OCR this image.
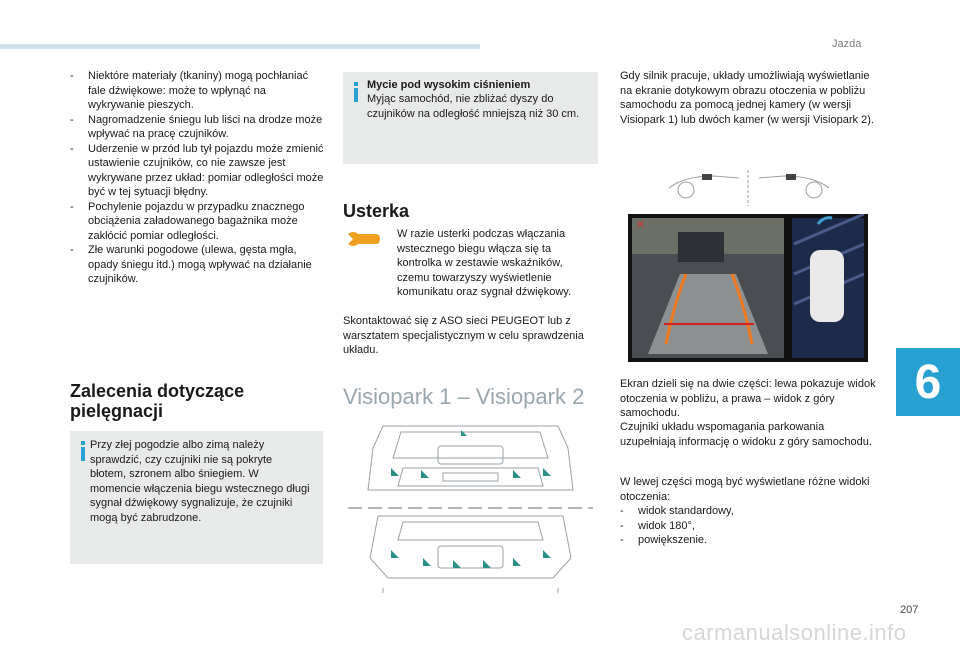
Jazda
6
207
carmanualsonline.info
- Niektóre materiały (tkaniny) mogą pochłaniać fale dźwiękowe: może to wpłynąć na wykrywanie pieszych.
- Nagromadzenie śniegu lub liści na drodze może wpływać na pracę czujników.
- Uderzenie w przód lub tył pojazdu może zmienić ustawienie czujników, co nie zawsze jest wykrywane przez układ: pomiar odległości może być w tej sytuacji błędny.
- Pochylenie pojazdu w przypadku znacznego obciążenia załadowanego bagażnika może zakłócić pomiar odległości.
- Złe warunki pogodowe (ulewa, gęsta mgła, opady śniegu itd.) mogą wpływać na działanie czujników.
Zalecenia dotyczące
pielęgnacji

Przy złej pogodzie albo zimą należy sprawdzić, czy czujniki nie są pokryte błotem, szronem albo śniegiem. W momencie włączenia biegu wstecznego długi sygnał dźwiękowy sygnalizuje, że czujniki mogą być zabrudzone.

Mycie pod wysokim ciśnieniem

Myjąc samochód, nie zbliżać dyszy do czujników na odległość mniejszą niż 30 cm.

Usterka

W razie usterki podczas włączania wstecznego biegu włącza się ta kontrolka w zestawie wskaźników, czemu towarzyszy wyświetlenie komunikatu oraz sygnał dźwiękowy.

Skontaktować się z ASO sieci PEUGEOT lub z warsztatem specjalistycznym w celu sprawdzenia układu.

Visiopark 1 – Visiopark 2

Gdy silnik pracuje, układy umożliwiają wyświetlanie na ekranie dotykowym obrazu otoczenia w pobliżu samochodu za pomocą jednej kamery (w wersji Visiopark 1) lub dwóch kamer (w wersji Visiopark 2).

✕

Ekran dzieli się na dwie części: lewa pokazuje widok otoczenia w pobliżu, a prawa – widok z góry samochodu.

Czujniki układu wspomagania parkowania uzupełniają informację o widoku z góry samochodu.

W lewej części mogą być wyświetlane różne widoki otoczenia:

- widok standardowy,
- widok 180°,
- powiększenie.
